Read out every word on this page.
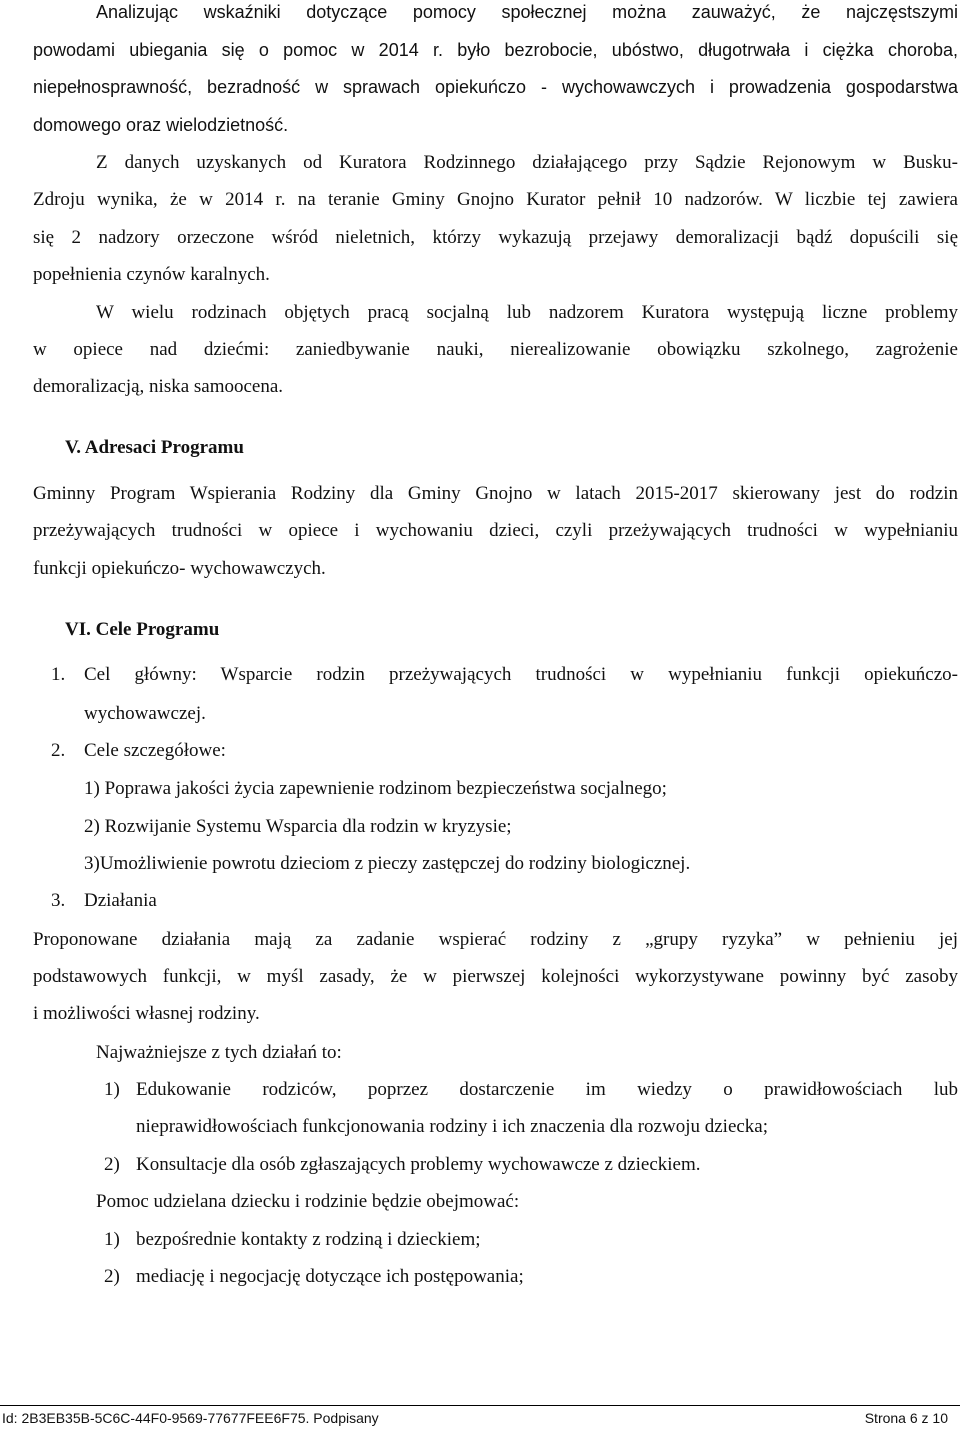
Analizując wskaźniki dotyczące pomocy społecznej można zauważyć, że najczęstszymi
powodami ubiegania się o pomoc w 2014 r. było bezrobocie, ubóstwo, długotrwała i ciężka choroba,
niepełnosprawność, bezradność w sprawach opiekuńczo - wychowawczych i prowadzenia gospodarstwa
domowego oraz wielodzietność.
Z danych uzyskanych od Kuratora Rodzinnego działającego przy Sądzie Rejonowym w Busku-
Zdroju wynika, że w 2014 r. na teranie Gminy Gnojno Kurator pełnił 10 nadzorów. W liczbie tej zawiera
się 2 nadzory orzeczone wśród nieletnich, którzy wykazują przejawy demoralizacji bądź dopuścili się
popełnienia czynów karalnych.
W wielu rodzinach objętych pracą socjalną lub nadzorem Kuratora występują liczne problemy
w opiece nad dziećmi: zaniedbywanie nauki, nierealizowanie obowiązku szkolnego, zagrożenie
demoralizacją, niska samoocena.
V. Adresaci Programu
Gminny Program Wspierania Rodziny dla Gminy Gnojno w latach 2015-2017 skierowany jest do rodzin
przeżywających trudności w opiece i wychowaniu dzieci, czyli przeżywających trudności w wypełnianiu
funkcji opiekuńczo- wychowawczych.
VI. Cele Programu
1. Cel główny: Wsparcie rodzin przeżywających trudności w wypełnianiu funkcji opiekuńczo-
wychowawczej.
2. Cele szczegółowe:
1) Poprawa jakości życia zapewnienie rodzinom bezpieczeństwa socjalnego;
2) Rozwijanie Systemu Wsparcia dla rodzin w kryzysie;
3)Umożliwienie powrotu dzieciom z pieczy zastępczej do rodziny biologicznej.
3. Działania
Proponowane działania mają za zadanie wspierać rodziny z „grupy ryzyka” w pełnieniu jej
podstawowych funkcji, w myśl zasady, że w pierwszej kolejności wykorzystywane powinny być zasoby
i możliwości własnej rodziny.
Najważniejsze z tych działań to:
1) Edukowanie rodziców, poprzez dostarczenie im wiedzy o prawidłowościach lub
nieprawidłowościach funkcjonowania rodziny i ich znaczenia dla rozwoju dziecka;
2) Konsultacje dla osób zgłaszających problemy wychowawcze z dzieckiem.
Pomoc udzielana dziecku i rodzinie będzie obejmować:
1) bezpośrednie kontakty z rodziną i dzieckiem;
2) mediację i negocjację dotyczące ich postępowania;
Id: 2B3EB35B-5C6C-44F0-9569-77677FEE6F75. Podpisany	Strona 6 z 10
